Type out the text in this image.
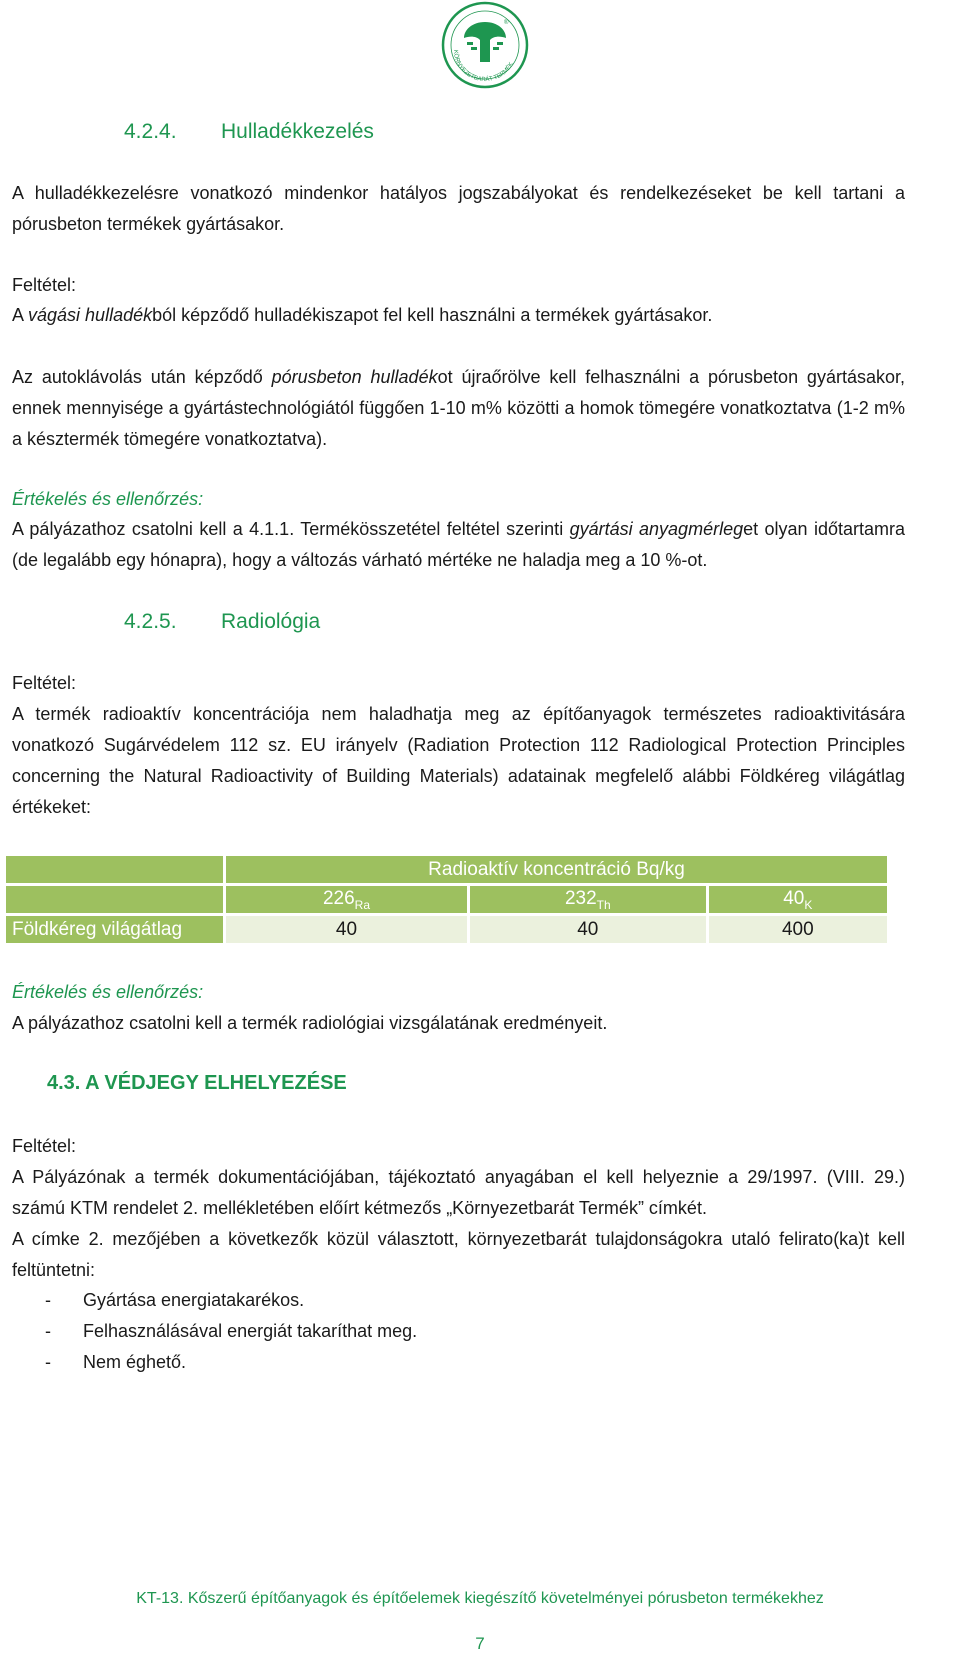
KÖRNYEZETBARÁT TERMÉK
®
4.2.4. Hulladékkezelés

A hulladékkezelésre vonatkozó mindenkor hatályos jogszabályokat és rendelkezéseket be kell tartani a pórusbeton termékek gyártásakor.

Feltétel:

A vágási hulladékból képződő hulladékiszapot fel kell használni a termékek gyártásakor.

Az autoklávolás után képződő pórusbeton hulladékot újraőrölve kell felhasználni a pórusbeton gyártásakor, ennek mennyisége a gyártástechnológiától függően 1-10 m% közötti a homok tömegére vonatkoztatva (1-2 m% a késztermék tömegére vonatkoztatva).

Értékelés és ellenőrzés:

A pályázathoz csatolni kell a 4.1.1. Termékösszetétel feltétel szerinti gyártási anyagmérleget olyan időtartamra (de legalább egy hónapra), hogy a változás várható mértéke ne haladja meg a 10 %-ot.

4.2.5. Radiológia

Feltétel:

A termék radioaktív koncentrációja nem haladhatja meg az építőanyagok természetes radioaktivitására vonatkozó Sugárvédelem 112 sz. EU irányelv (Radiation Protection 112 Radiological Protection Principles concerning the Natural Radioactivity of Building Materials) adatainak megfelelő alábbi Földkéreg világátlag értékeket:

	Radioaktív koncentráció Bq/kg		
	$226_{Ra}$	$232_{Th}$	$40_K$
Földkéreg világátlag	40	40	400

Értékelés és ellenőrzés:

A pályázathoz csatolni kell a termék radiológiai vizsgálatának eredményeit.

4.3. A VÉDJEGY ELHELYEZÉSE

Feltétel:

A Pályázónak a termék dokumentációjában, tájékoztató anyagában el kell helyeznie a 29/1997. (VIII. 29.) számú KTM rendelet 2. mellékletében előírt kétmezős „Környezetbarát Termék” címkét.

A címke 2. mezőjében a következők közül választott, környezetbarát tulajdonságokra utaló felirato(ka)t kell feltüntetni:

- Gyártása energiatakarékos.
- Felhasználásával energiát takaríthat meg.
- Nem éghető.
KT-13. Kőszerű építőanyagok és építőelemek kiegészítő követelményei pórusbeton termékekhez
7
